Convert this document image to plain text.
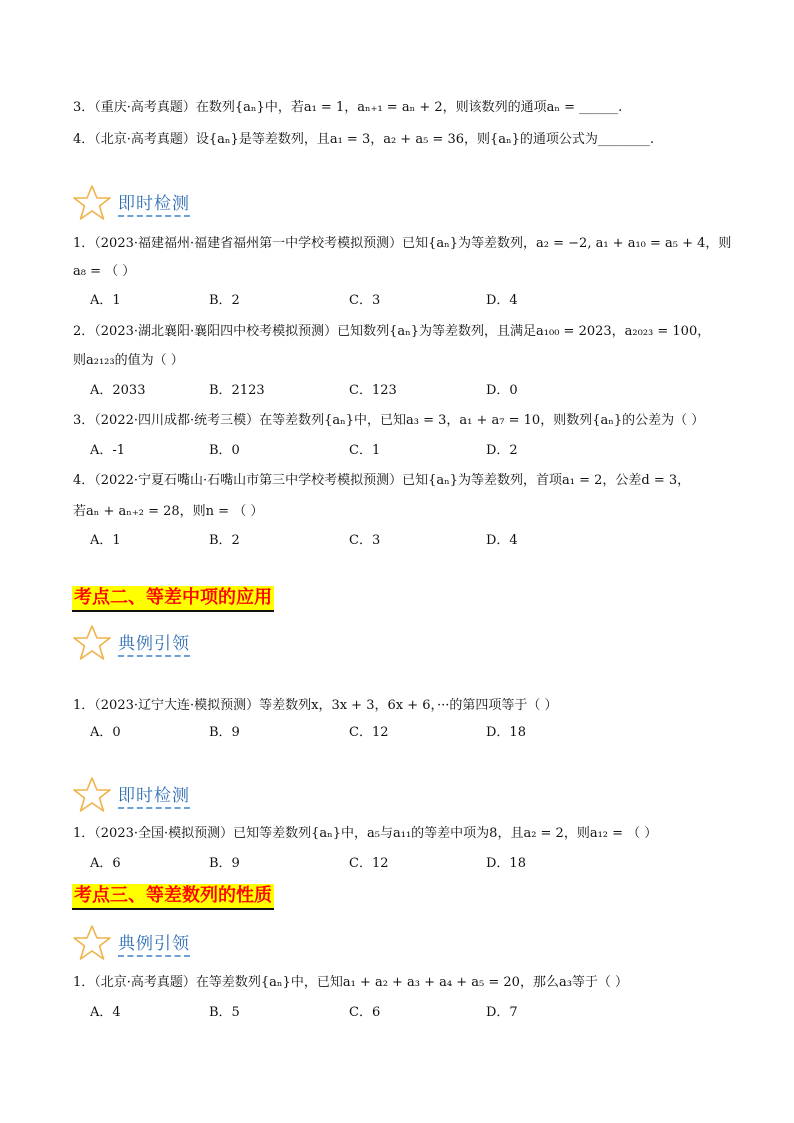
3．（重庆·高考真题）在数列{aₙ}中，若a₁ = 1，aₙ₊₁ = aₙ + 2，则该数列的通项aₙ = ______.
4．（北京·高考真题）设{aₙ}是等差数列，且a₁ = 3，a₂ + a₅ = 36，则{aₙ}的通项公式为________.
即时检测
1．（2023·福建福州·福建省福州第一中学校考模拟预测）已知{aₙ}为等差数列，a₂ = −2, a₁ + a₁₀ = a₅ + 4，则
a₈ = （ ）
A．1	B．2	C．3	D．4
2．（2023·湖北襄阳·襄阳四中校考模拟预测）已知数列{aₙ}为等差数列，且满足a₁₀₀ = 2023，a₂₀₂₃ = 100，
则a₂₁₂₃的值为（ ）
A．2033	B．2123	C．123	D．0
3．（2022·四川成都·统考三模）在等差数列{aₙ}中，已知a₃ = 3，a₁ + a₇ = 10，则数列{aₙ}的公差为（ ）
A．-1	B．0	C．1	D．2
4．（2022·宁夏石嘴山·石嘴山市第三中学校考模拟预测）已知{aₙ}为等差数列，首项a₁ = 2，公差d = 3，
若aₙ + aₙ₊₂ = 28，则n = （ ）
A．1	B．2	C．3	D．4
考点二、等差中项的应用
典例引领
1．（2023·辽宁大连·模拟预测）等差数列x，3x + 3，6x + 6，···的第四项等于（ ）
A．0	B．9	C．12	D．18
即时检测
1．（2023·全国·模拟预测）已知等差数列{aₙ}中，a₅与a₁₁的等差中项为8，且a₂ = 2，则a₁₂ = （ ）
A．6	B．9	C．12	D．18
考点三、等差数列的性质
典例引领
1．（北京·高考真题）在等差数列{aₙ}中，已知a₁ + a₂ + a₃ + a₄ + a₅ = 20，那么a₃等于（ ）
A．4	B．5	C．6	D．7
